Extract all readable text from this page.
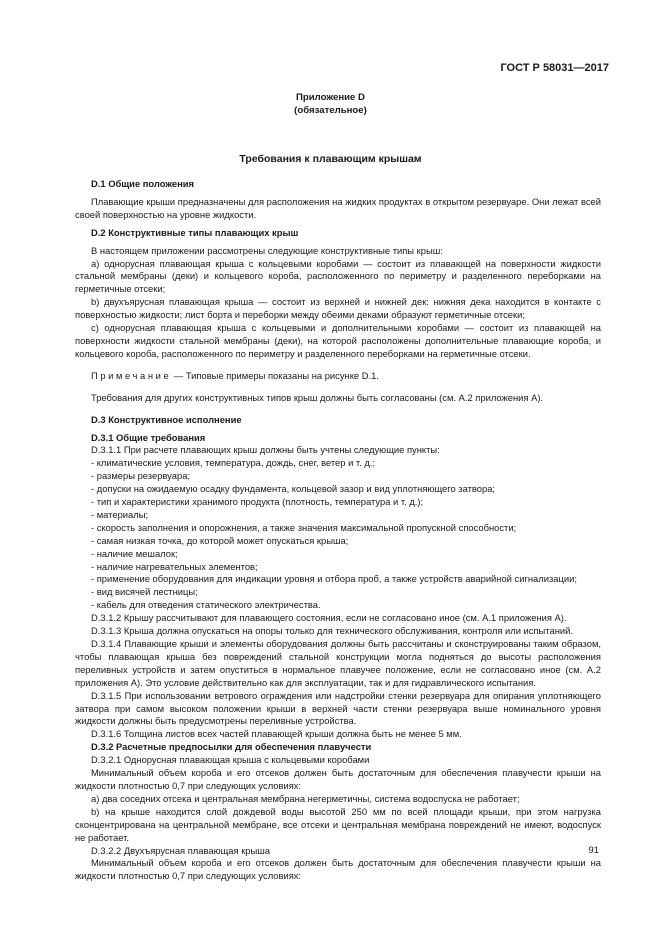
ГОСТ Р 58031—2017
Приложение D
(обязательное)
Требования к плавающим крышам

D.1 Общие положения

Плавающие крыши предназначены для расположения на жидких продуктах в открытом резервуаре. Они лежат всей своей поверхностью на уровне жидкости.

D.2 Конструктивные типы плавающих крыш

В настоящем приложении рассмотрены следующие конструктивные типы крыш:

а) однорусная плавающая крыша с кольцевыми коробами — состоит из плавающей на поверхности жидкости стальной мембраны (деки) и кольцевого короба, расположенного по периметру и разделенного переборками на герметичные отсеки;

b) двухъярусная плавающая крыша — состоит из верхней и нижней дек: нижняя дека находится в контакте с поверхностью жидкости; лист борта и переборки между обеими деками образуют герметичные отсеки;

с) однорусная плавающая крыша с кольцевыми и дополнительными коробами — состоит из плавающей на поверхности жидкости стальной мембраны (деки), на которой расположены дополнительные плавающие короба, и кольцевого короба, расположенного по периметру и разделенного переборками на герметичные отсеки.

Примечание — Типовые примеры показаны на рисунке D.1.

Требования для других конструктивных типов крыш должны быть согласованы (см. А.2 приложения А).

D.3 Конструктивное исполнение

D.3.1 Общие требования

D.3.1.1 При расчете плавающих крыш должны быть учтены следующие пункты:

- климатические условия, температура, дождь, снег, ветер и т. д.;
- размеры резервуара;
- допуски на ожидаемую осадку фундамента, кольцевой зазор и вид уплотняющего затвора;
- тип и характеристики хранимого продукта (плотность, температура и т. д.);
- материалы;
- скорость заполнения и опорожнения, а также значения максимальной пропускной способности;
- самая низкая точка, до которой может опускаться крыша;
- наличие мешалок;
- наличие нагревательных элементов;
- применение оборудования для индикации уровня и отбора проб, а также устройств аварийной сигнализации;
- вид висячей лестницы;
- кабель для отведения статического электричества.

D.3.1.2 Крышу рассчитывают для плавающего состояния, если не согласовано иное (см. А.1 приложения А).

D.3.1.3 Крыша должна опускаться на опоры только для технического обслуживания, контроля или испытаний.

D.3.1.4 Плавающие крыши и элементы оборудования должны быть рассчитаны и сконструированы таким образом, чтобы плавающая крыша без повреждений стальной конструкции могла подняться до высоты расположения переливных устройств и затем опуститься в нормальное плавучее положение, если не согласовано иное (см. А.2 приложения А). Это условие действительно как для эксплуатации, так и для гидравлического испытания.

D.3.1.5 При использовании ветрового ограждения или надстройки стенки резервуара для опирания уплотняющего затвора при самом высоком положении крыши в верхней части стенки резервуара выше номинального уровня жидкости должны быть предусмотрены переливные устройства.

D.3.1.6 Толщина листов всех частей плавающей крыши должна быть не менее 5 мм.

D.3.2 Расчетные предпосылки для обеспечения плавучести

D.3.2.1 Однорусная плавающая крыша с кольцевыми коробами

Минимальный объем короба и его отсеков должен быть достаточным для обеспечения плавучести крыши на жидкости плотностью 0,7 при следующих условиях:

а) два соседних отсека и центральная мембрана негерметичны, система водоспуска не работает;

b) на крыше находится слой дождевой воды высотой 250 мм по всей площади крыши, при этом нагрузка сконцентрирована на центральной мембране, все отсеки и центральная мембрана повреждений не имеют, водоспуск не работает.

D.3.2.2 Двухъярусная плавающая крыша

Минимальный объем короба и его отсеков должен быть достаточным для обеспечения плавучести крыши на жидкости плотностью 0,7 при следующих условиях:

91
